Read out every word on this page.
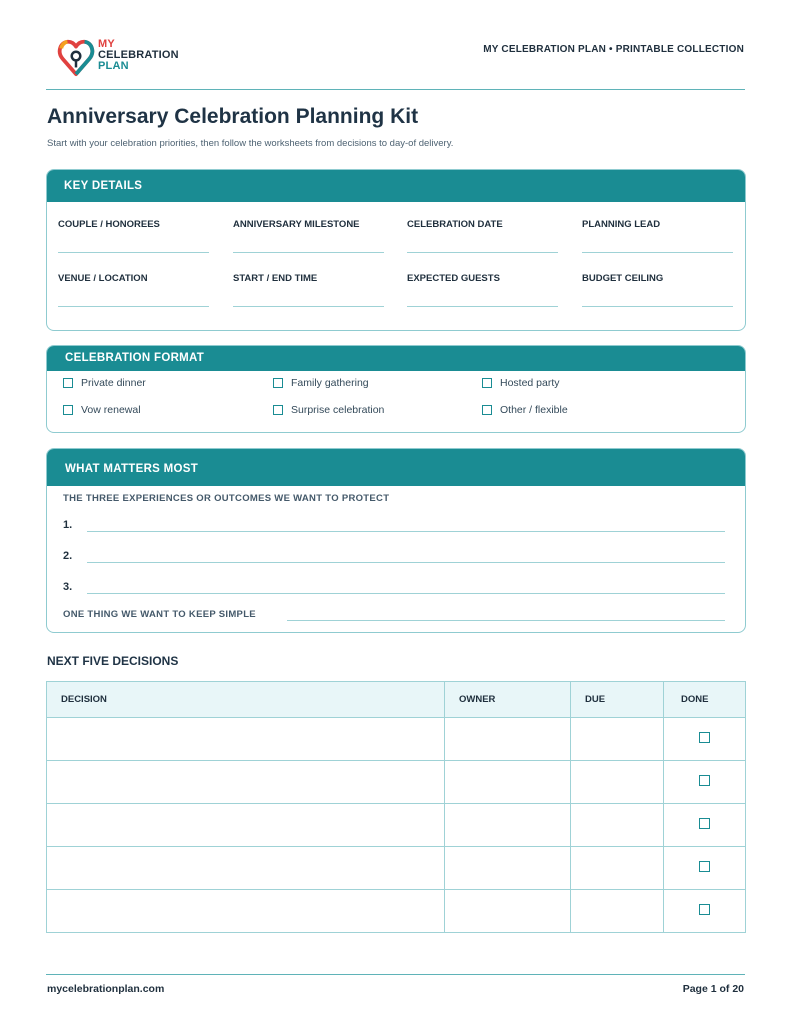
MY
CELEBRATION
PLAN
MY CELEBRATION PLAN • PRINTABLE COLLECTION
Anniversary Celebration Planning Kit
Start with your celebration priorities, then follow the worksheets from decisions to day-of delivery.
KEY DETAILS
COUPLE / HONOREES	ANNIVERSARY MILESTONE	CELEBRATION DATE	PLANNING LEAD
VENUE / LOCATION	START / END TIME	EXPECTED GUESTS	BUDGET CEILING
CELEBRATION FORMAT
Private dinner	Family gathering	Hosted party
Vow renewal	Surprise celebration	Other / flexible
WHAT MATTERS MOST
THE THREE EXPERIENCES OR OUTCOMES WE WANT TO PROTECT
1.
2.
3.
ONE THING WE WANT TO KEEP SIMPLE
NEXT FIVE DECISIONS
DECISION	OWNER	DUE	DONE

mycelebrationplan.com	Page 1 of 20
